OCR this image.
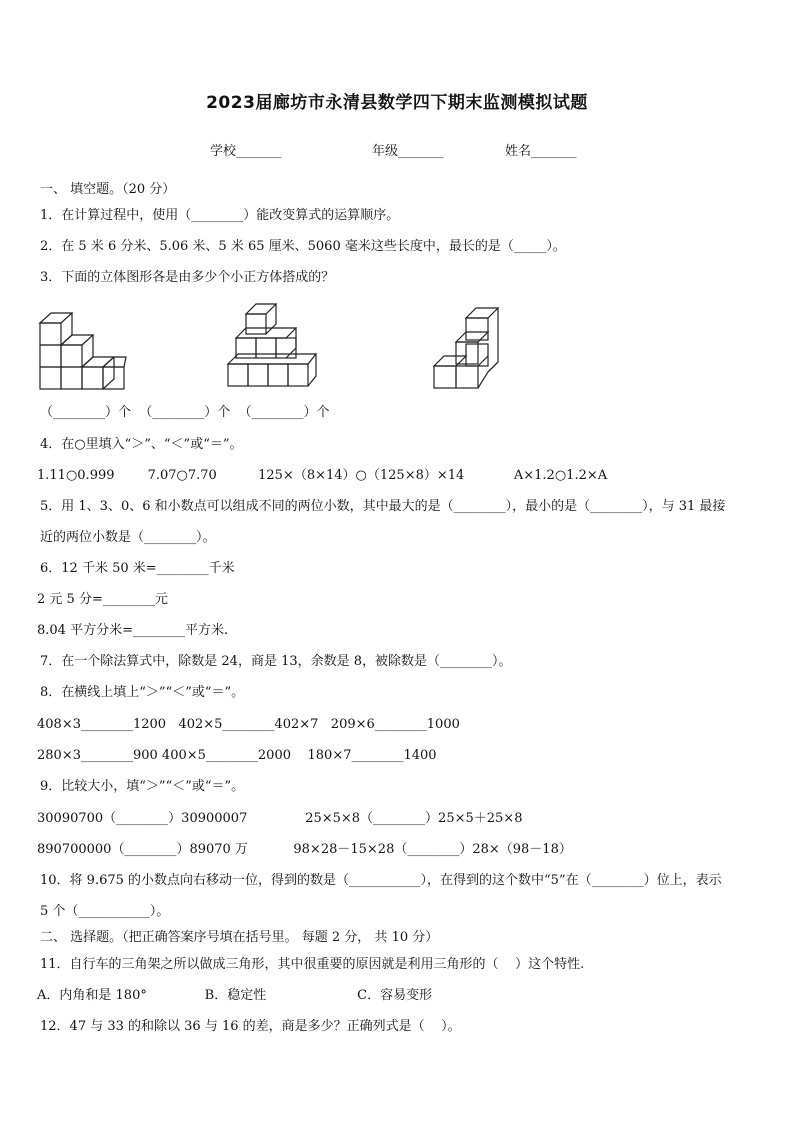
2023届廊坊市永清县数学四下期末监测模拟试题
学校_______	年级_______	姓名_______
一、 填空题。（20 分）
1．在计算过程中，使用（________）能改变算式的运算顺序。
2．在 5 米 6 分米、5.06 米、5 米 65 厘米、5060 毫米这些长度中，最长的是（_____）。
3．下面的立体图形各是由多少个小正方体搭成的？
（________）个  （________）个  （________）个
4．在○里填入“＞”、“＜”或“＝”。
1.11○0.999        7.07○7.70          125×（8×14）○（125×8）×14            A×1.2○1.2×A
5．用 1、3、0、6 和小数点可以组成不同的两位小数，其中最大的是（________），最小的是（________），与 31 最接
近的两位小数是（________）。
6．12 千米 50 米=________千米
2 元 5 分=________元
8.04 平方分米=________平方米.
7．在一个除法算式中，除数是 24，商是 13，余数是 8，被除数是（________）。
8．在横线上填上“＞”“＜”或“＝”。
408×3________1200   402×5________402×7   209×6________1000
280×3________900 400×5________2000    180×7________1400
9．比较大小，填“＞”“＜”或“＝”。
30090700（________）30900007              25×5×8（________）25×5＋25×8
890700000（________）89070 万           98×28－15×28（________）28×（98－18）
10．将 9.675 的小数点向右移动一位，得到的数是（___________），在得到的这个数中“5”在（________）位上，表示
5 个（___________）。
二、 选择题。（把正确答案序号填在括号里。 每题 2 分， 共 10 分）
11．自行车的三角架之所以做成三角形，其中很重要的原因就是利用三角形的（    ）这个特性.
A．内角和是 180°              B．稳定性                      C．容易变形
12．47 与 33 的和除以 36 与 16 的差，商是多少？正确列式是（    ）。
